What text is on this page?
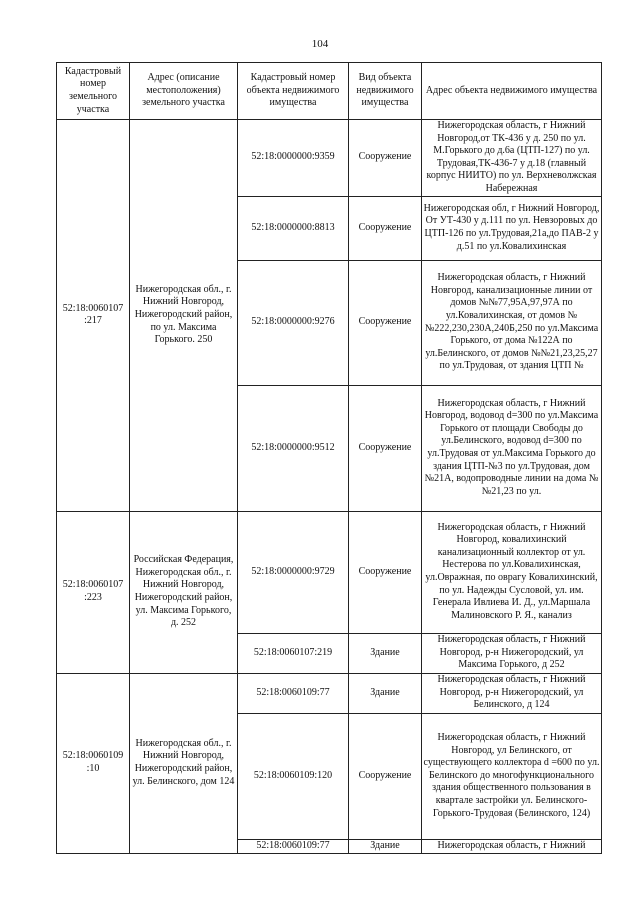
104
Кадастровый номер земельного участка	Адрес (описание местоположения) земельного участка	Кадастровый номер объекта недвижимого имущества	Вид объекта недвижимого имущества	Адрес объекта недвижимого имущества
52:18:0060107 :217	Нижегородская обл., г. Нижний Новгород, Нижегородский район, по ул. Максима Горького. 250	52:18:0000000:9359	Сооружение	Нижегородская область, г Нижний Новгород,от ТК-436 у д. 250 по ул. М.Горького до д.6а (ЦТП-127) по ул. Трудовая,ТК-436-7 у д.18 (главный корпус НИИТО) по ул. Верхневолжская Набережная
		52:18:0000000:8813	Сооружение	Нижегородская обл, г Нижний Новгород, От УТ-430 у д.111 по ул. Невзоровых до ЦТП-126 по ул.Трудовая,21а,до ПАВ-2 у д.51 по ул.Ковалихинская
		52:18:0000000:9276	Сооружение	Нижегородская область, г Нижний Новгород, канализационные линии от домов №№77,95А,97,97А по ул.Ковалихинская, от домов №№222,230,230А,240Б,250 по ул.Максима Горького, от дома №122А по ул.Белинского, от домов №№21,23,25,27 по ул.Трудовая, от здания ЦТП №
		52:18:0000000:9512	Сооружение	Нижегородская область, г Нижний Новгород, водовод d=300 по ул.Максима Горького от площади Свободы до ул.Белинского, водовод d=300 по ул.Трудовая от ул.Максима Горького до здания ЦТП-№3 по ул.Трудовая, дом №21А, водопроводные линии на дома №№21,23 по ул.
52:18:0060107 :223	Российская Федерация, Нижегородская обл., г. Нижний Новгород, Нижегородский район, ул. Максима Горького, д. 252	52:18:0000000:9729	Сооружение	Нижегородская область, г Нижний Новгород, ковалихинский канализационный коллектор от ул. Нестерова по ул.Ковалихинская, ул.Овражная, по оврагу Ковалихинский, по ул. Надежды Сусловой, ул. им. Генерала Ивлиева И. Д., ул.Маршала Малиновского Р. Я., канализ
		52:18:0060107:219	Здание	Нижегородская область, г Нижний Новгород, р-н Нижегородский, ул Максима Горького, д 252
52:18:0060109 :10	Нижегородская обл., г. Нижний Новгород, Нижегородский район, ул. Белинского, дом 124	52:18:0060109:77	Здание	Нижегородская область, г Нижний Новгород, р-н Нижегородский, ул Белинского, д 124
		52:18:0060109:120	Сооружение	Нижегородская область, г Нижний Новгород, ул Белинского, от существующего коллектора d =600 по ул. Белинского до многофункционального здания общественного пользования в квартале застройки ул. Белинского-Горького-Трудовая (Белинского, 124)
		52:18:0060109:77	Здание	Нижегородская область, г Нижний
